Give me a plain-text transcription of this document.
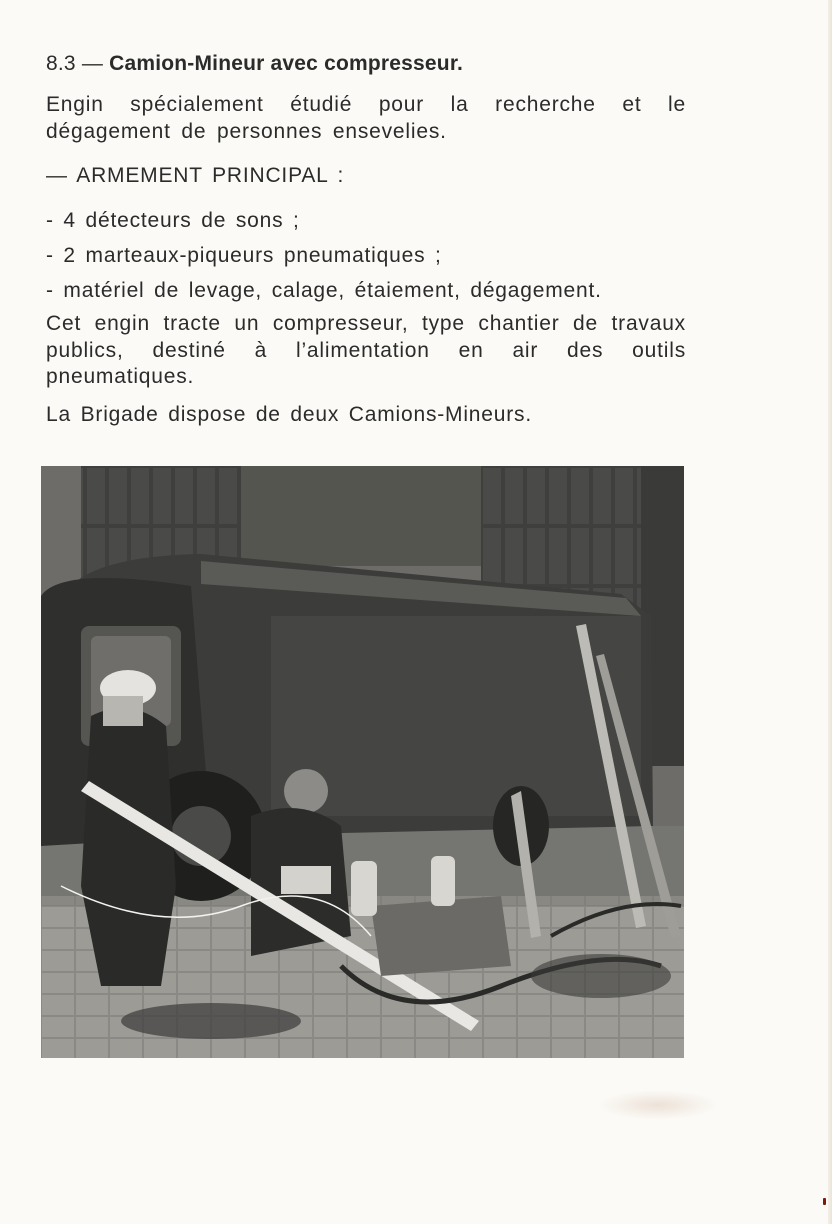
8.3 — Camion-Mineur avec compresseur.

Engin spécialement étudié pour la recherche et le dégagement de personnes ensevelies.

— ARMEMENT PRINCIPAL :
- 4 détecteurs de sons ;
- 2 marteaux-piqueurs pneumatiques ;
- matériel de levage, calage, étaiement, dégagement.

Cet engin tracte un compresseur, type chantier de travaux publics, destiné à l’alimentation en air des outils pneumatiques.

La Brigade dispose de deux Camions-Mineurs.
